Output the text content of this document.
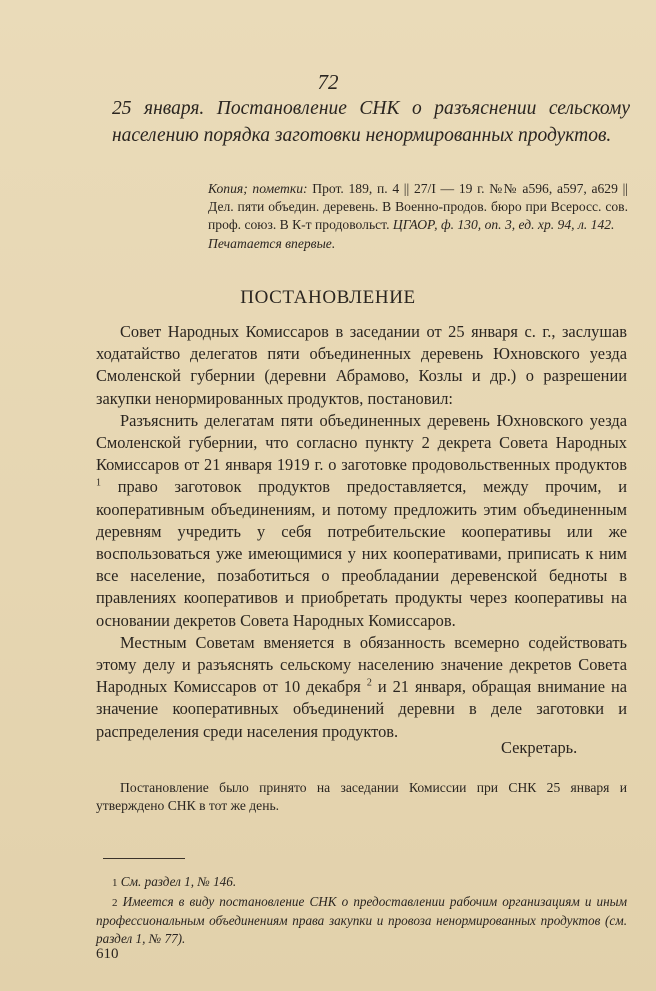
72
25 января. Постановление СНК о разъяснении сельскому населению порядка заготовки ненормированных продуктов.
Копия; пометки: Прот. 189, п. 4 || 27/I — 19 г. №№ а596, а597, а629 || Дел. пяти объедин. деревень. В Военно-продов. бюро при Всеросс. сов. проф. союз. В К-т продовольст. ЦГАОР, ф. 130, оп. 3, ед. хр. 94, л. 142.
Печатается впервые.
ПОСТАНОВЛЕНИЕ

Совет Народных Комиссаров в заседании от 25 января с. г., заслушав ходатайство делегатов пяти объединенных деревень Юхновского уезда Смоленской губернии (деревни Абрамово, Козлы и др.) о разрешении закупки ненормированных продуктов, постановил:

Разъяснить делегатам пяти объединенных деревень Юхновского уезда Смоленской губернии, что согласно пункту 2 декрета Совета Народных Комиссаров от 21 января 1919 г. о заготовке продовольственных продуктов $^1$ право заготовок продуктов предоставляется, между прочим, и кооперативным объединениям, и потому предложить этим объединенным деревням учредить у себя потребительские кооперативы или же воспользоваться уже имеющимися у них кооперативами, приписать к ним все население, позаботиться о преобладании деревенской бедноты в правлениях кооперативов и приобретать продукты через кооперативы на основании декретов Совета Народных Комиссаров.

Местным Советам вменяется в обязанность всемерно содействовать этому делу и разъяснять сельскому населению значение декретов Совета Народных Комиссаров от 10 декабря $^2$ и 21 января, обращая внимание на значение кооперативных объединений деревни в деле заготовки и распределения среди населения продуктов.

Секретарь.
Постановление было принято на заседании Комиссии при СНК 25 января и утверждено СНК в тот же день.

1 См. раздел 1, № 146.

2 Имеется в виду постановление СНК о предоставлении рабочим организациям и иным профессиональным объединениям права закупки и провоза ненормированных продуктов (см. раздел 1, № 77).

610
